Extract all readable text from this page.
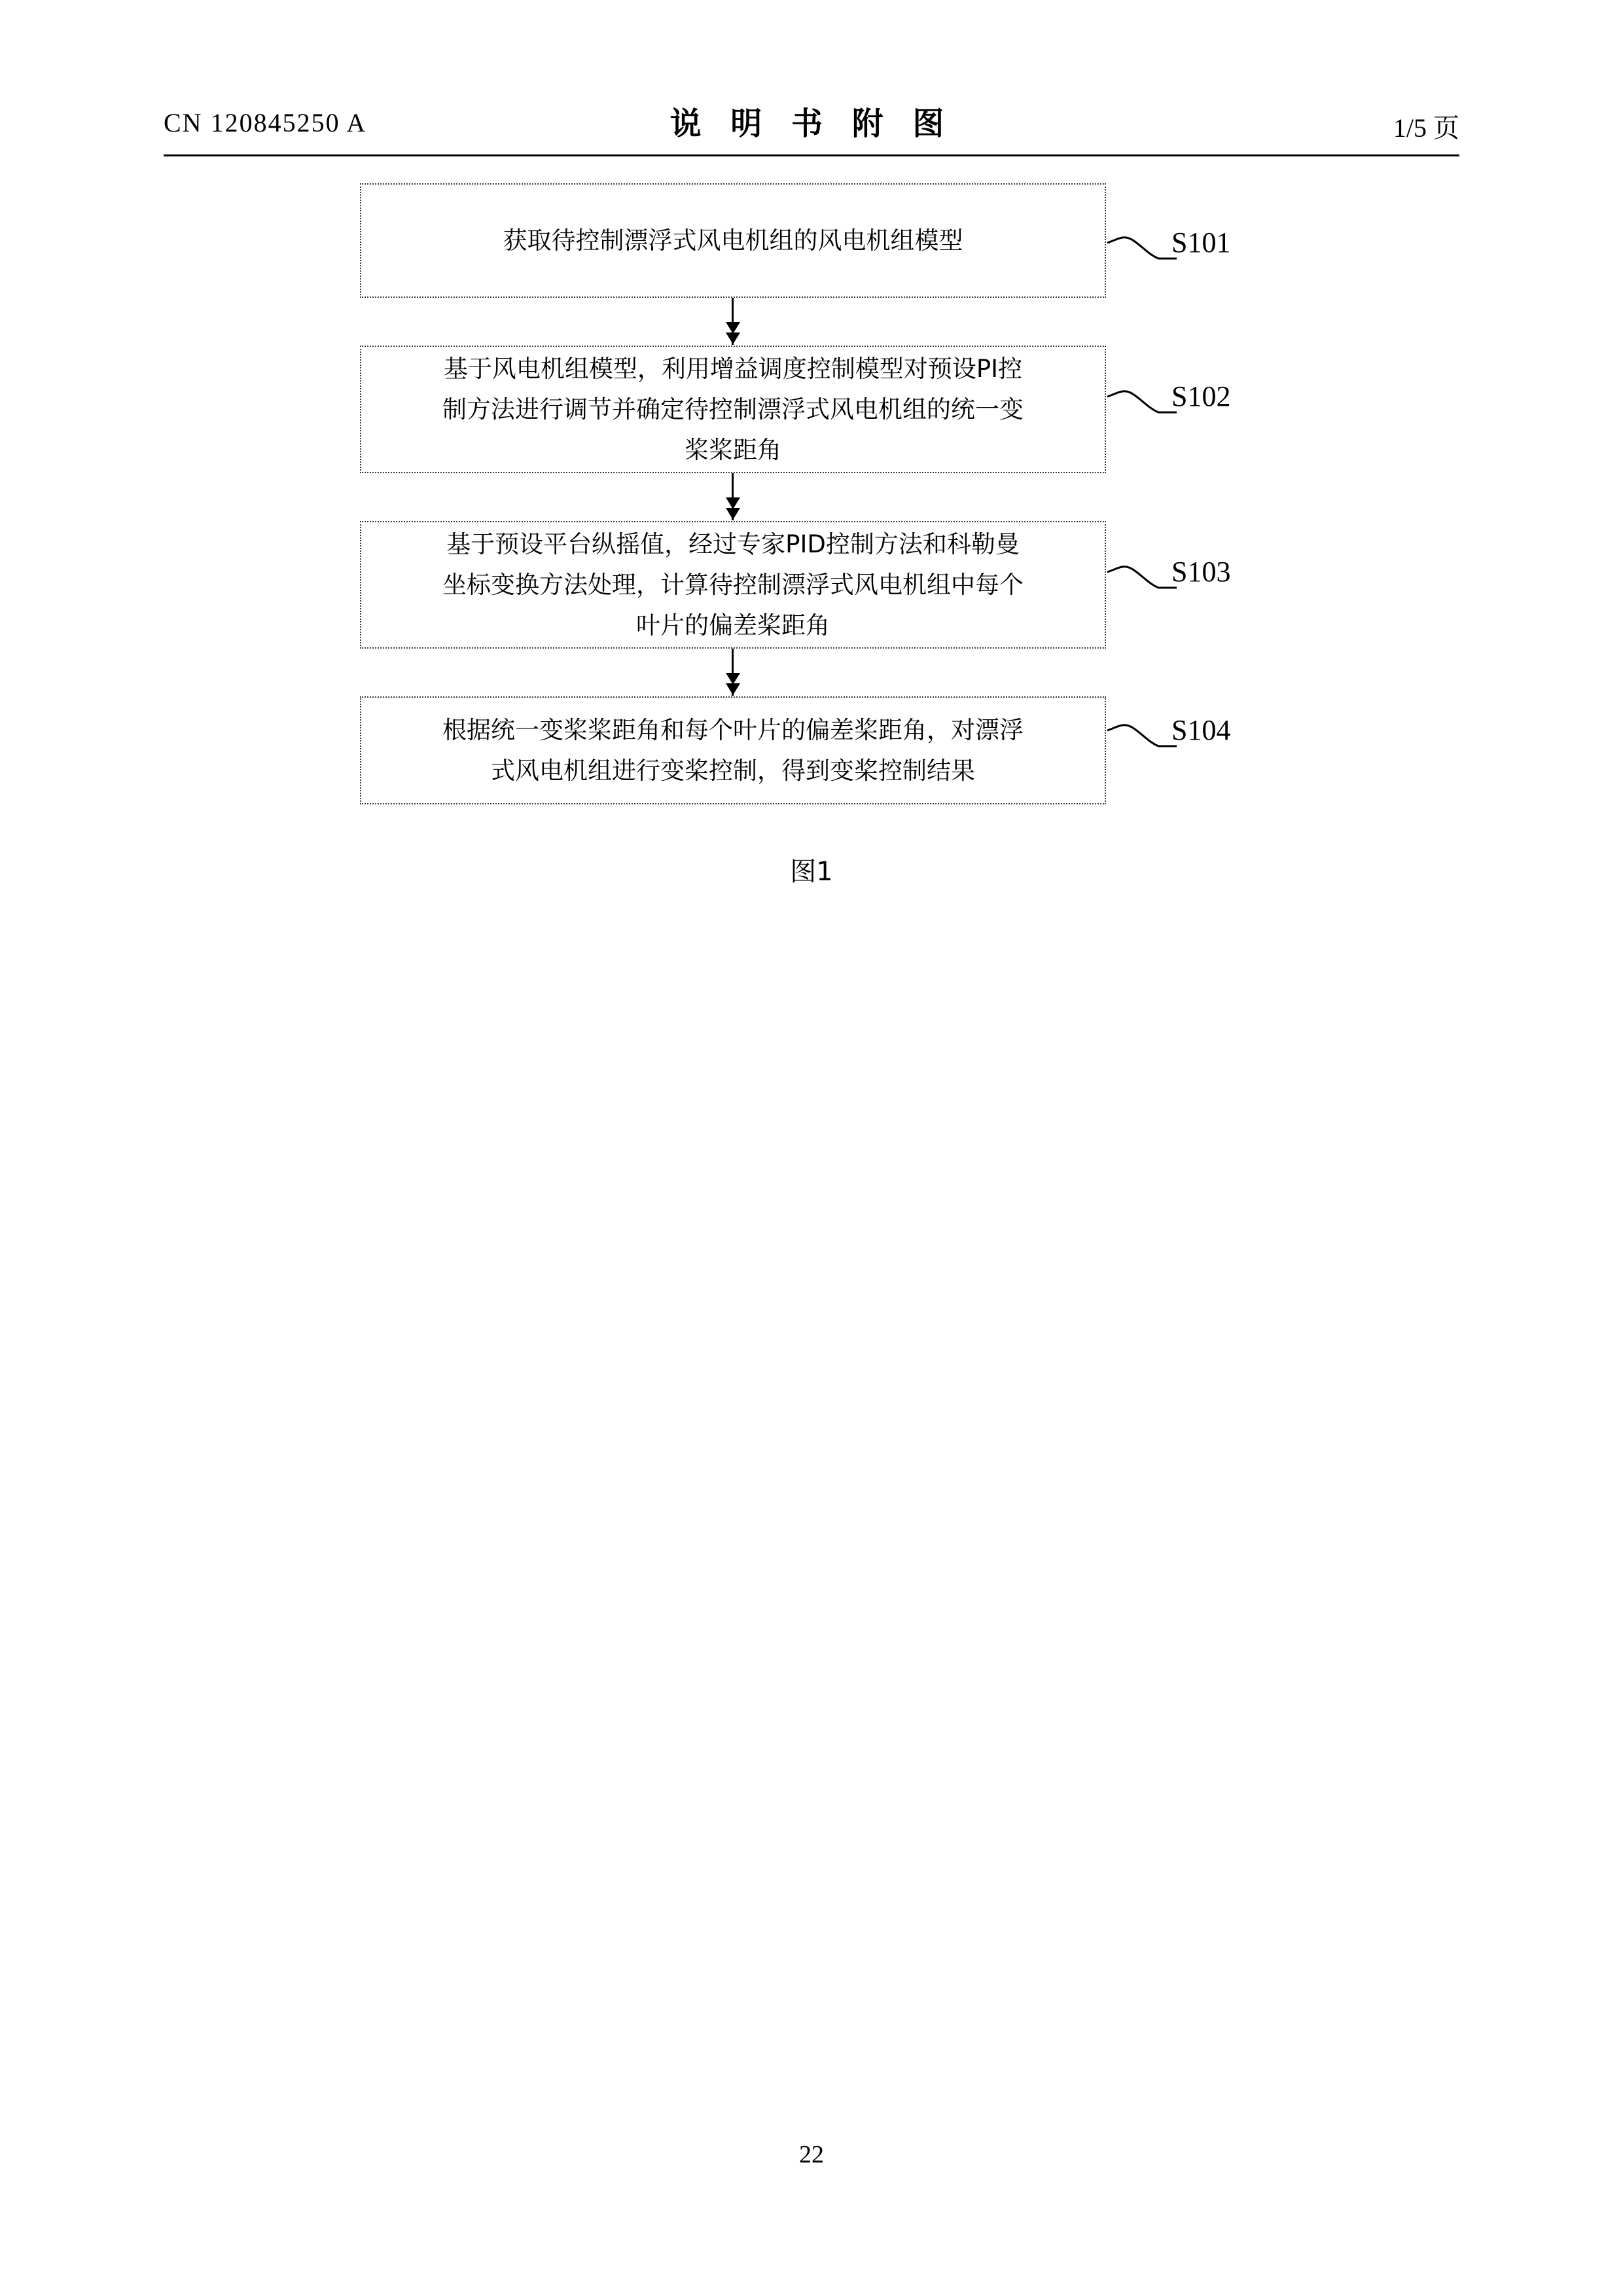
CN 120845250 A	说 明 书 附 图	1/5 页
获取待控制漂浮式风电机组的风电机组模型	S101
基于风电机组模型，利用增益调度控制模型对预设PI控
制方法进行调节并确定待控制漂浮式风电机组的统一变
桨桨距角
S102
基于预设平台纵摇值，经过专家PID控制方法和科勒曼
坐标变换方法处理，计算待控制漂浮式风电机组中每个
叶片的偏差桨距角
S103
根据统一变桨桨距角和每个叶片的偏差桨距角，对漂浮
式风电机组进行变桨控制，得到变桨控制结果
S104
图1
22
